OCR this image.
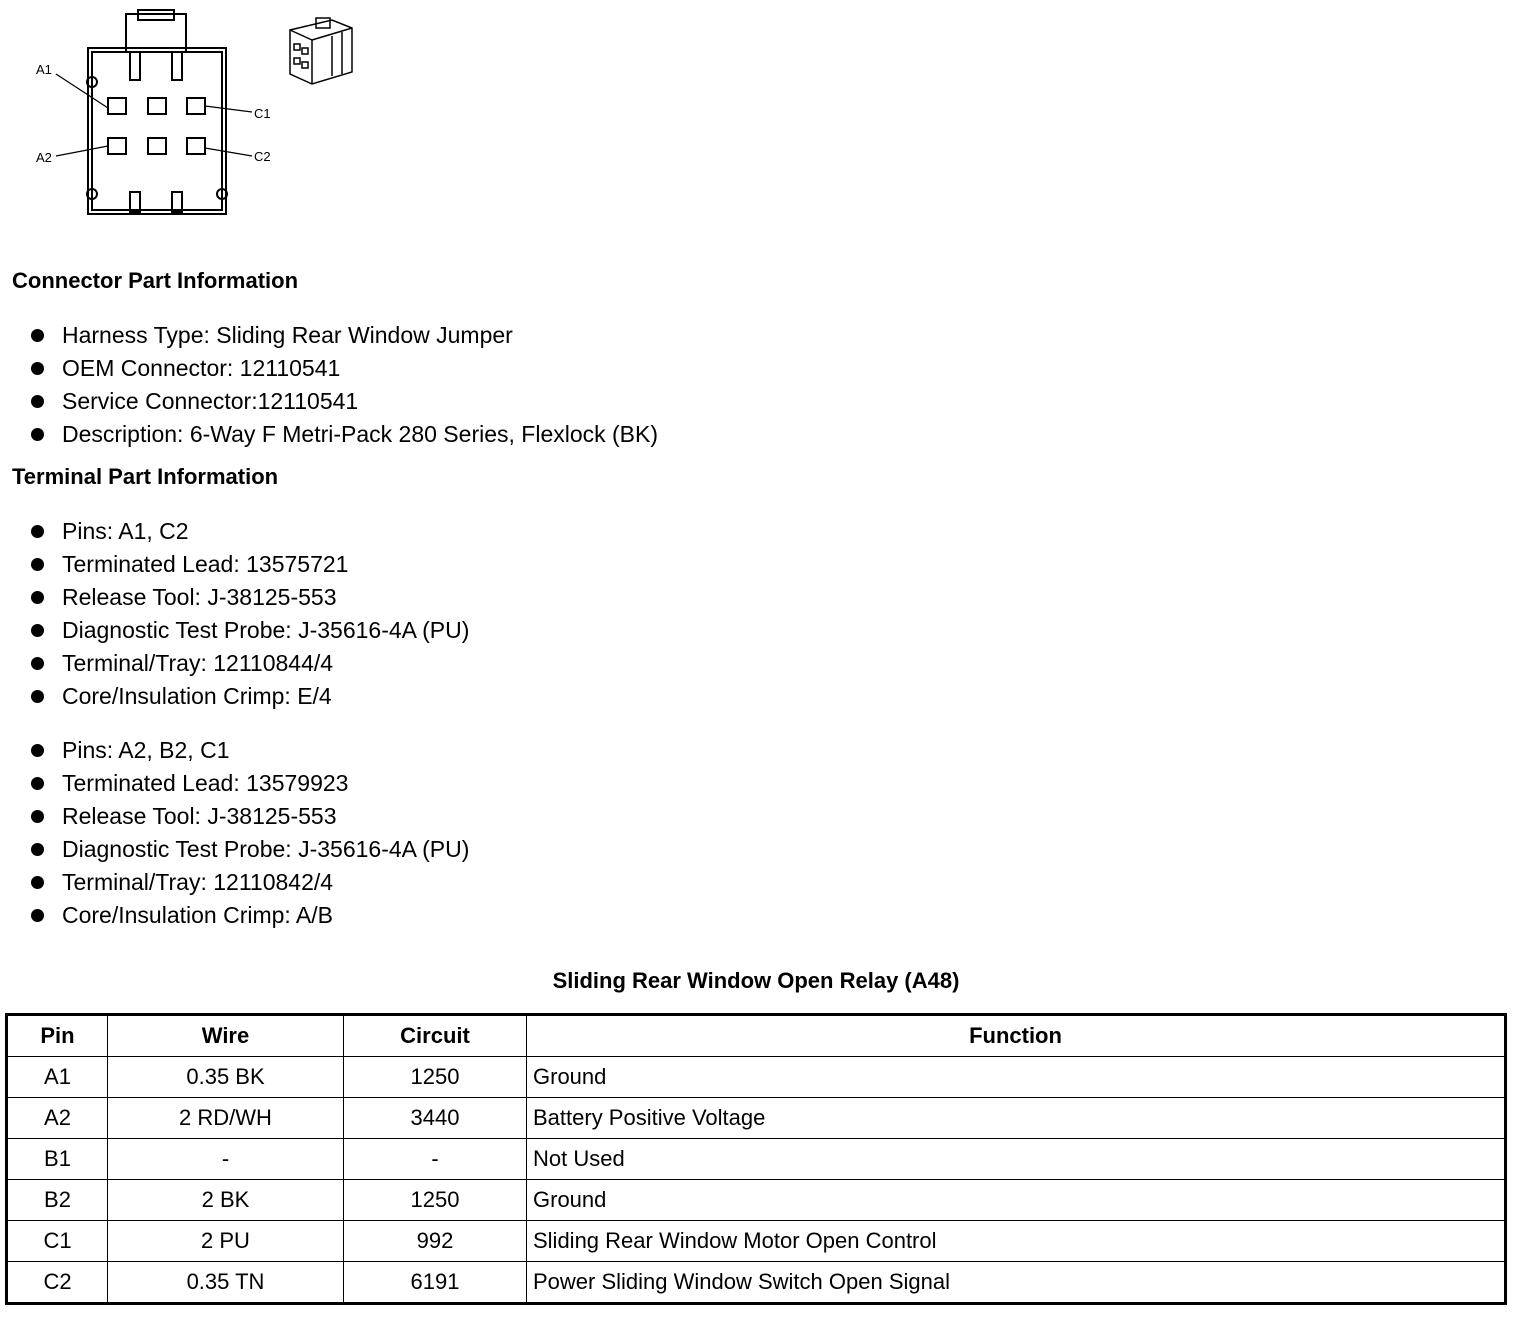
A1
A2
C1
C2
Connector Part Information
Harness Type: Sliding Rear Window Jumper
OEM Connector: 12110541
Service Connector:12110541
Description: 6-Way F Metri-Pack 280 Series, Flexlock (BK)
Terminal Part Information
Pins: A1, C2
Terminated Lead: 13575721
Release Tool: J-38125-553
Diagnostic Test Probe: J-35616-4A (PU)
Terminal/Tray: 12110844/4
Core/Insulation Crimp: E/4
Pins: A2, B2, C1
Terminated Lead: 13579923
Release Tool: J-38125-553
Diagnostic Test Probe: J-35616-4A (PU)
Terminal/Tray: 12110842/4
Core/Insulation Crimp: A/B
Sliding Rear Window Open Relay (A48)
Pin	Wire	Circuit	Function
A1	0.35 BK	1250	Ground
A2	2 RD/WH	3440	Battery Positive Voltage
B1	-	-	Not Used
B2	2 BK	1250	Ground
C1	2 PU	992	Sliding Rear Window Motor Open Control
C2	0.35 TN	6191	Power Sliding Window Switch Open Signal
